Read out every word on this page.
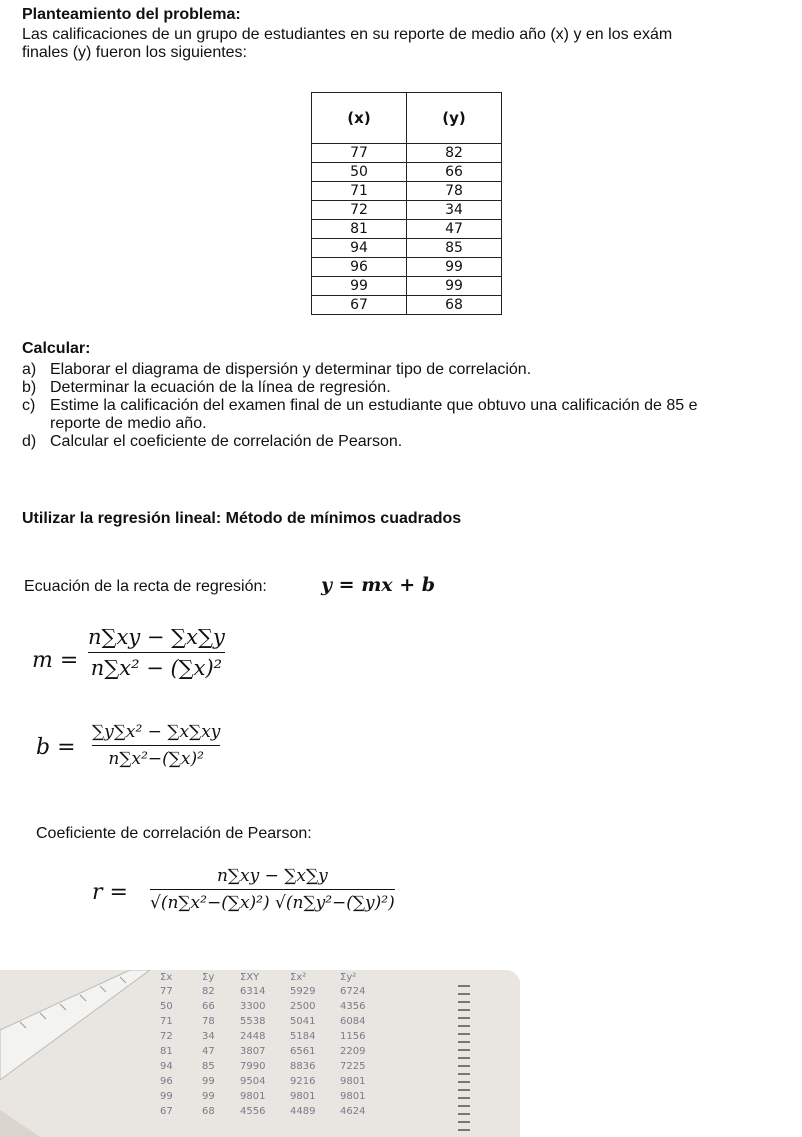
Planteamiento del problema:
Las calificaciones de un grupo de estudiantes en su reporte de medio año (x) y en los exám
finales (y) fueron los siguientes:
(x)	(y)
77	82
50	66
71	78
72	34
81	47
94	85
96	99
99	99
67	68
Calcular:
a) Elaborar el diagrama de dispersión y determinar tipo de correlación.
b) Determinar la ecuación de la línea de regresión.
c) Estime la calificación del examen final de un estudiante que obtuvo una calificación de 85 e
reporte de medio año.
d) Calcular el coeficiente de correlación de Pearson.
Utilizar la regresión lineal: Método de mínimos cuadrados
Ecuación de la recta de regresión:	y = mx + b
m =
n∑xy − ∑x∑y
n∑x² − (∑x)²
b =
∑y∑x² − ∑x∑xy
n∑x²−(∑x)²
Coeficiente de correlación de Pearson:
r =
n∑xy − ∑x∑y
√(n∑x²−(∑x)²) √(n∑y²−(∑y)²)
Σx	Σy	ΣXY	Σx²	Σy²
77	82	6314 5929 6724
50	66	3300 2500 4356
71	78	5538 5041 6084
72	34	2448 5184 1156
81	47	3807 6561 2209
94	85	7990 8836 7225
96	99	9504 9216 9801
99	99	9801 9801 9801
67	68	4556 4489 4624
